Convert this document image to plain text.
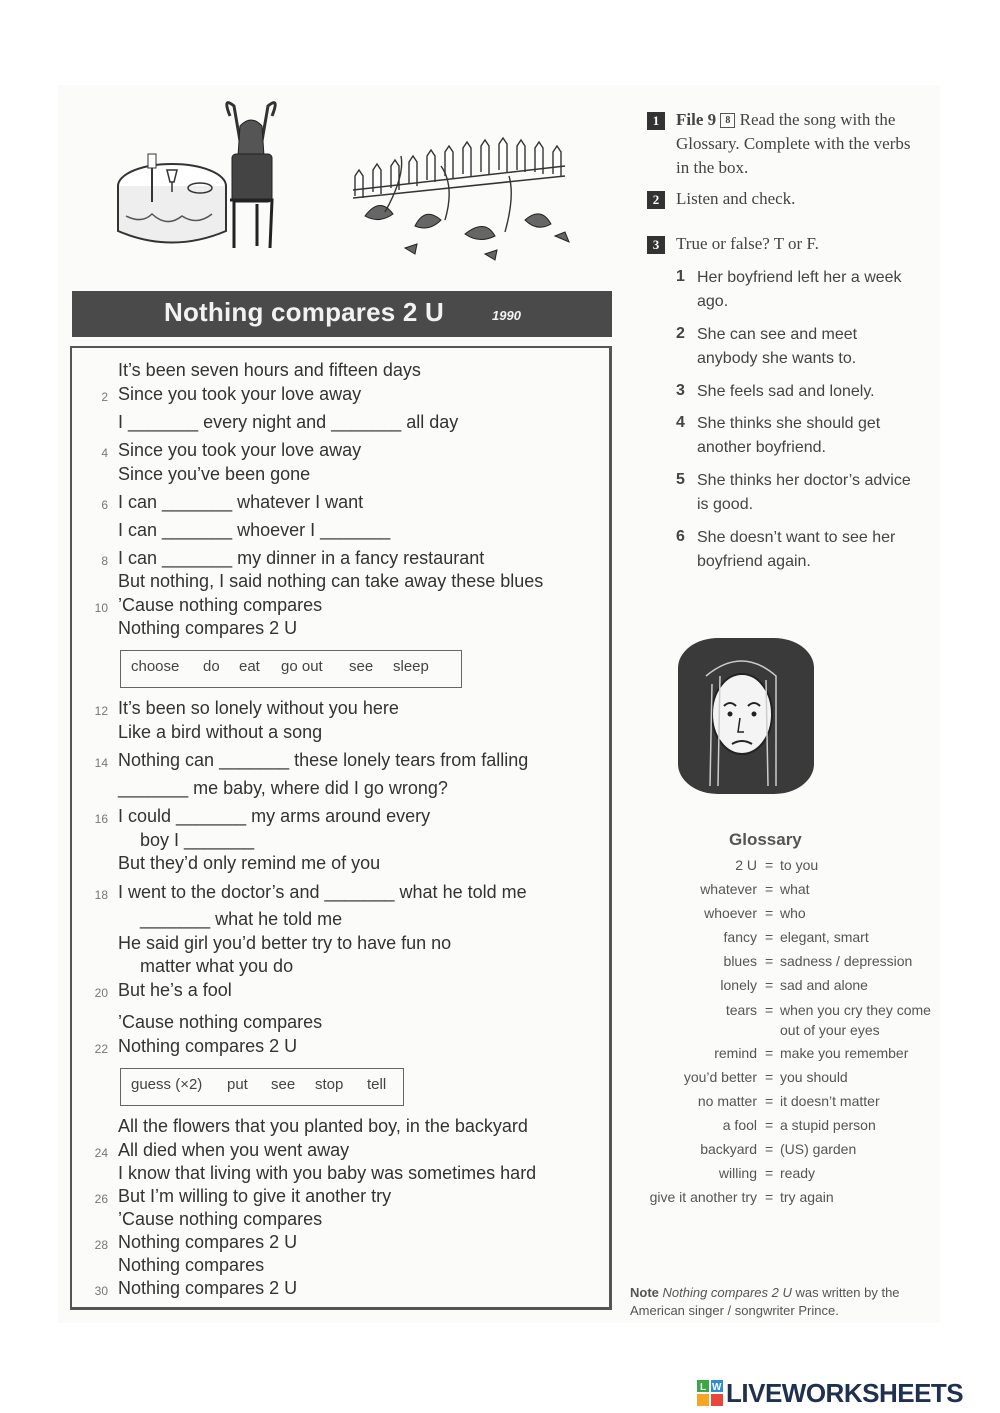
Nothing compares 2 U	1990
It’s been seven hours and fifteen days
2 Since you took your love away
I _______ every night and _______ all day
4 Since you took your love away
Since you’ve been gone
6 I can _______ whatever I want
I can _______ whoever I _______
8 I can _______ my dinner in a fancy restaurant
But nothing, I said nothing can take away these blues
10 ’Cause nothing compares
Nothing compares 2 U
choose do eat go out see sleep
12 It’s been so lonely without you here
Like a bird without a song
14 Nothing can _______ these lonely tears from falling
_______ me baby, where did I go wrong?
16 I could _______ my arms around every
boy I _______
But they’d only remind me of you
18 I went to the doctor’s and _______ what he told me
_______ what he told me
He said girl you’d better try to have fun no
matter what you do
20 But he’s a fool
’Cause nothing compares
22 Nothing compares 2 U
guess (×2) put see stop tell
All the flowers that you planted boy, in the backyard
24 All died when you went away
I know that living with you baby was sometimes hard
26 But I’m willing to give it another try
’Cause nothing compares
28 Nothing compares 2 U
Nothing compares
30 Nothing compares 2 U
1 File 9 8 Read the song with the Glossary. Complete with the verbs in the box.
2 Listen and check.
3 True or false? T or F.
1 Her boyfriend left her a week ago.
2 She can see and meet anybody she wants to.
3 She feels sad and lonely.
4 She thinks she should get another boyfriend.
5 She thinks her doctor’s advice is good.
6 She doesn’t want to see her boyfriend again.
Glossary
2 U = to you
whatever = what
whoever = who
fancy = elegant, smart
blues = sadness / depression
lonely = sad and alone
tears = when you cry they come out of your eyes
remind = make you remember
you’d better = you should
no matter = it doesn’t matter
a fool = a stupid person
backyard = (US) garden
willing = ready
give it another try = try again
Note Nothing compares 2 U was written by the American singer / songwriter Prince.
L W LIVEWORKSHEETS
